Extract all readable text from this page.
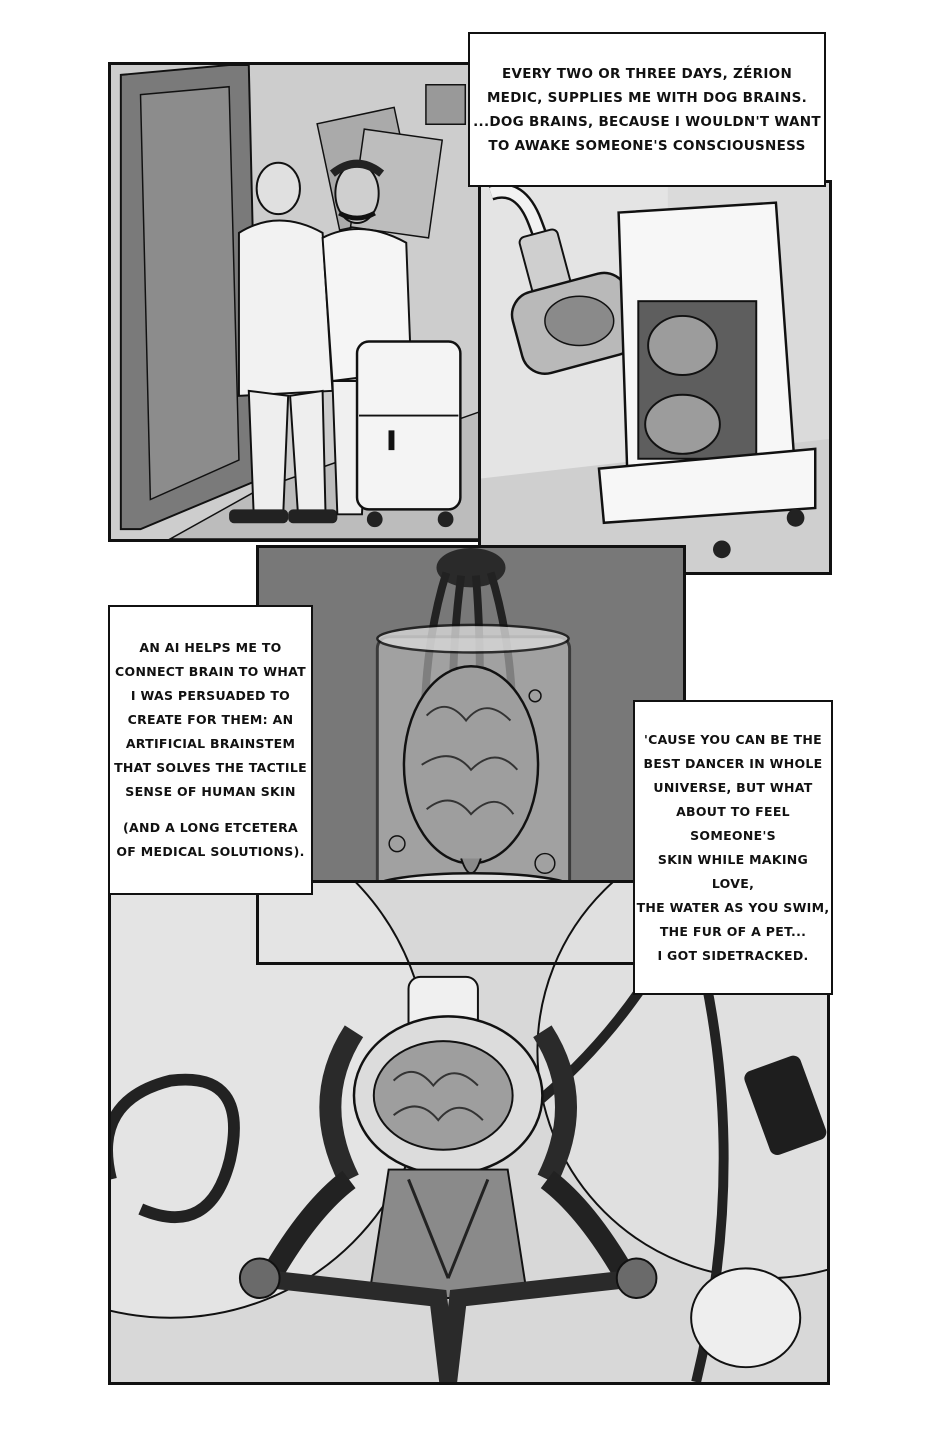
EVERY TWO OR THREE DAYS, ZÉRION

MEDIC, SUPPLIES ME WITH DOG BRAINS.

...DOG BRAINS, BECAUSE I WOULDN'T WANT

TO AWAKE SOMEONE'S CONSCIOUSNESS

AN AI HELPS ME TO

CONNECT BRAIN TO WHAT

I WAS PERSUADED TO

CREATE FOR THEM: AN

ARTIFICIAL BRAINSTEM

THAT SOLVES THE TACTILE

SENSE OF HUMAN SKIN

(AND A LONG ETCETERA

OF MEDICAL SOLUTIONS).

'CAUSE YOU CAN BE THE

BEST DANCER IN WHOLE

UNIVERSE, BUT WHAT

ABOUT TO FEEL SOMEONE'S

SKIN WHILE MAKING LOVE,

THE WATER AS YOU SWIM,

THE FUR OF A PET...

I GOT SIDETRACKED.
